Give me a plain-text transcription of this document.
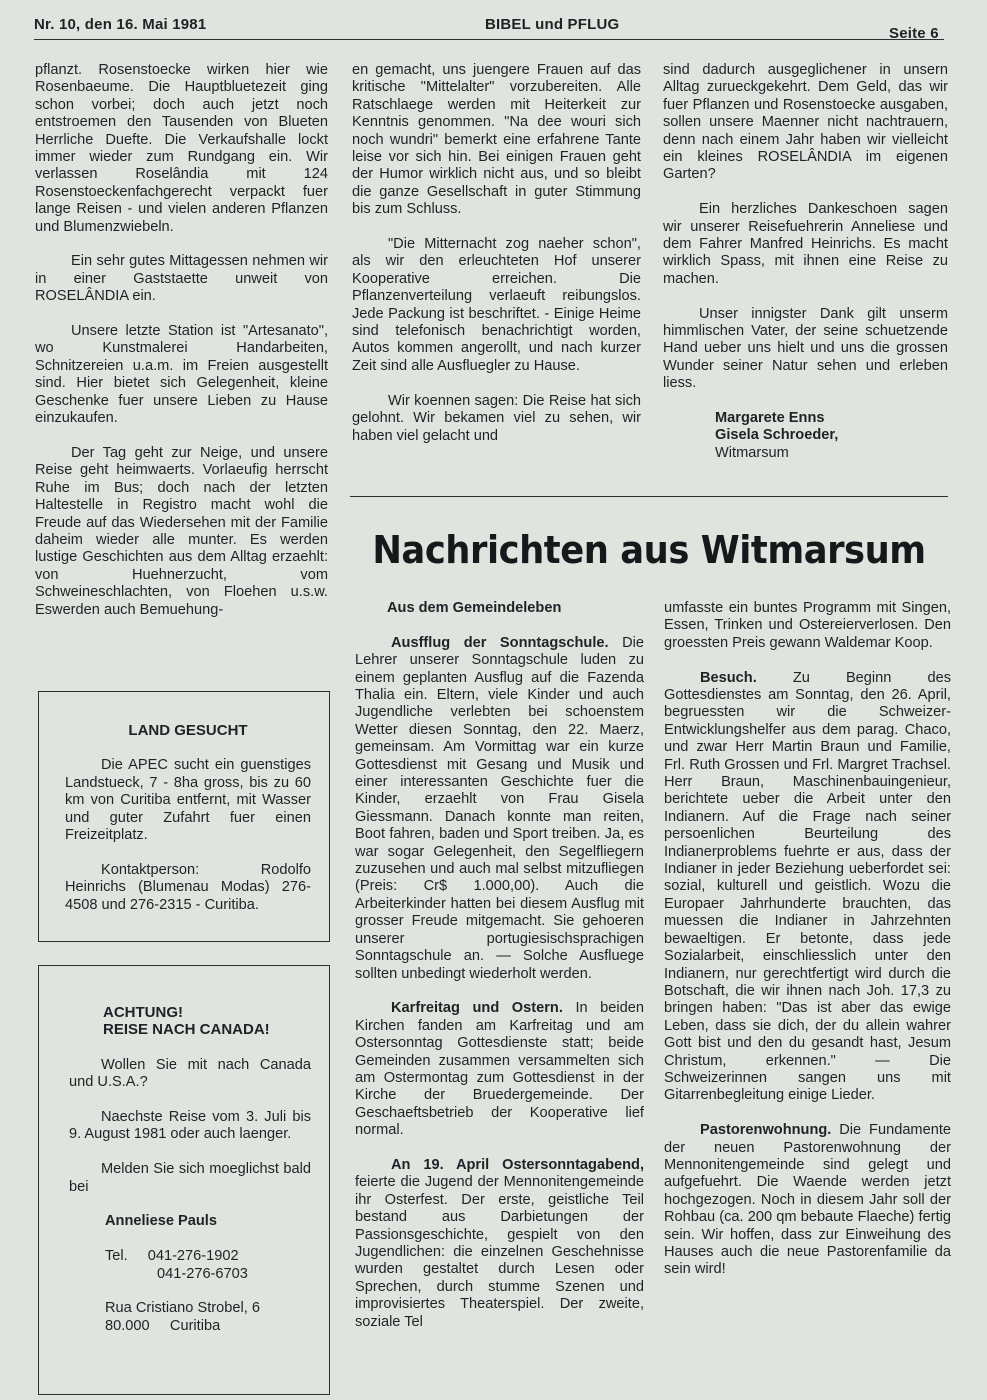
Nr. 10, den 16. Mai 1981	BIBEL und PFLUG
Seite 6

pflanzt. Rosenstoecke wirken hier wie Rosenbaeume. Die Hauptbluetezeit ging schon vorbei; doch auch jetzt noch entstroemen den Tausenden von Blueten Herrliche Duefte. Die Verkaufshalle lockt immer wieder zum Rundgang ein. Wir verlassen Roselândia mit 124 Rosenstoeckenfachgerecht verpackt fuer lange Reisen - und vielen anderen Pflanzen und Blumenzwiebeln.

Ein sehr gutes Mittagessen nehmen wir in einer Gaststaette unweit von ROSELÂNDIA ein.

Unsere letzte Station ist "Artesanato", wo Kunstmalerei Handarbeiten, Schnitzereien u.a.m. im Freien ausgestellt sind. Hier bietet sich Gelegenheit, kleine Geschenke fuer unsere Lieben zu Hause einzukaufen.

Der Tag geht zur Neige, und unsere Reise geht heimwaerts. Vorlaeufig herrscht Ruhe im Bus; doch nach der letzten Haltestelle in Registro macht wohl die Freude auf das Wiedersehen mit der Familie daheim wieder alle munter. Es werden lustige Geschichten aus dem Alltag erzaehlt: von Huehnerzucht, vom Schweineschlachten, von Floehen u.s.w. Eswerden auch Bemuehung-

en gemacht, uns juengere Frauen auf das kritische "Mittelalter" vorzubereiten. Alle Ratschlaege werden mit Heiterkeit zur Kenntnis genommen. "Na dee wouri sich noch wundri" bemerkt eine erfahrene Tante leise vor sich hin. Bei einigen Frauen geht der Humor wirklich nicht aus, und so bleibt die ganze Gesellschaft in guter Stimmung bis zum Schluss.

"Die Mitternacht zog naeher schon", als wir den erleuchteten Hof unserer Kooperative erreichen. Die Pflanzenverteilung verlaeuft reibungslos. Jede Packung ist beschriftet. - Einige Heime sind telefonisch benachrichtigt worden, Autos kommen angerollt, und nach kurzer Zeit sind alle Ausfluegler zu Hause.

Wir koennen sagen: Die Reise hat sich gelohnt. Wir bekamen viel zu sehen, wir haben viel gelacht und

sind dadurch ausgeglichener in unsern Alltag zurueckgekehrt. Dem Geld, das wir fuer Pflanzen und Rosenstoecke ausgaben, sollen unsere Maenner nicht nachtrauern, denn nach einem Jahr haben wir vielleicht ein kleines ROSELÂNDIA im eigenen Garten?

Ein herzliches Dankeschoen sagen wir unserer Reisefuehrerin Anneliese und dem Fahrer Manfred Heinrichs. Es macht wirklich Spass, mit ihnen eine Reise zu machen.

Unser innigster Dank gilt unserm himmlischen Vater, der seine schuetzende Hand ueber uns hielt und uns die grossen Wunder seiner Natur sehen und erleben liess.

Margarete Enns
Gisela Schroeder,
Witmarsum
Nachrichten aus Witmarsum

Aus dem Gemeindeleben

Ausfflug der Sonntagschule. Die Lehrer unserer Sonntagschule luden zu einem geplanten Ausflug auf die Fazenda Thalia ein. Eltern, viele Kinder und auch Jugendliche verlebten bei schoenstem Wetter diesen Sonntag, den 22. Maerz, gemeinsam. Am Vormittag war ein kurze Gottesdienst mit Gesang und Musik und einer interessanten Geschichte fuer die Kinder, erzaehlt von Frau Gisela Giessmann. Danach konnte man reiten, Boot fahren, baden und Sport treiben. Ja, es war sogar Gelegenheit, den Segelfliegern zuzusehen und auch mal selbst mitzufliegen (Preis: Cr$ 1.000,00). Auch die Arbeiterkinder hatten bei diesem Ausflug mit grosser Freude mitgemacht. Sie gehoeren unserer portugiesischsprachigen Sonntagschule an. — Solche Ausfluege sollten unbedingt wiederholt werden.

Karfreitag und Ostern. In beiden Kirchen fanden am Karfreitag und am Ostersonntag Gottesdienste statt; beide Gemeinden zusammen versammelten sich am Ostermontag zum Gottesdienst in der Kirche der Bruedergemeinde. Der Geschaeftsbetrieb der Kooperative lief normal.

An 19. April Ostersonntagabend, feierte die Jugend der Mennonitengemeinde ihr Osterfest. Der erste, geistliche Teil bestand aus Darbietungen der Passionsgeschichte, gespielt von den Jugendlichen: die einzelnen Geschehnisse wurden gestaltet durch Lesen oder Sprechen, durch stumme Szenen und improvisiertes Theaterspiel. Der zweite, soziale Tel

umfasste ein buntes Programm mit Singen, Essen, Trinken und Ostereierverlosen. Den groessten Preis gewann Waldemar Koop.

Besuch. Zu Beginn des Gottesdienstes am Sonntag, den 26. April, begruessten wir die Schweizer-Entwicklungshelfer aus dem parag. Chaco, und zwar Herr Martin Braun und Familie, Frl. Ruth Grossen und Frl. Margret Trachsel. Herr Braun, Maschinenbauingenieur, berichtete ueber die Arbeit unter den Indianern. Auf die Frage nach seiner persoenlichen Beurteilung des Indianerproblems fuehrte er aus, dass der Indianer in jeder Beziehung ueberfordet sei: sozial, kulturell und geistlich. Wozu die Europaer Jahrhunderte brauchten, das muessen die Indianer in Jahrzehnten bewaeltigen. Er betonte, dass jede Sozialarbeit, einschliesslich unter den Indianern, nur gerechtfertigt wird durch die Botschaft, die wir ihnen nach Joh. 17,3 zu bringen haben: "Das ist aber das ewige Leben, dass sie dich, der du allein wahrer Gott bist und den du gesandt hast, Jesum Christum, erkennen." — Die Schweizerinnen sangen uns mit Gitarrenbegleitung einige Lieder.

Pastorenwohnung. Die Fundamente der neuen Pastorenwohnung der Mennonitengemeinde sind gelegt und aufgefuehrt. Die Waende werden jetzt hochgezogen. Noch in diesem Jahr soll der Rohbau (ca. 200 qm bebaute Flaeche) fertig sein. Wir hoffen, dass zur Einweihung des Hauses auch die neue Pastorenfamilie da sein wird!

LAND GESUCHT

Die APEC sucht ein guenstiges Landstueck, 7 - 8ha gross, bis zu 60 km von Curitiba entfernt, mit Wasser und guter Zufahrt fuer einen Freizeitplatz.

Kontaktperson: Rodolfo Heinrichs (Blumenau Modas) 276-4508 und 276-2315 - Curitiba.

ACHTUNG!
REISE NACH CANADA!

Wollen Sie mit nach Canada und U.S.A.?

Naechste Reise vom 3. Juli bis 9. August 1981 oder auch laenger.

Melden Sie sich moeglichst bald bei

Anneliese Pauls

Tel. 041-276-1902
041-276-6703

Rua Cristiano Strobel, 6
80.000     Curitiba
